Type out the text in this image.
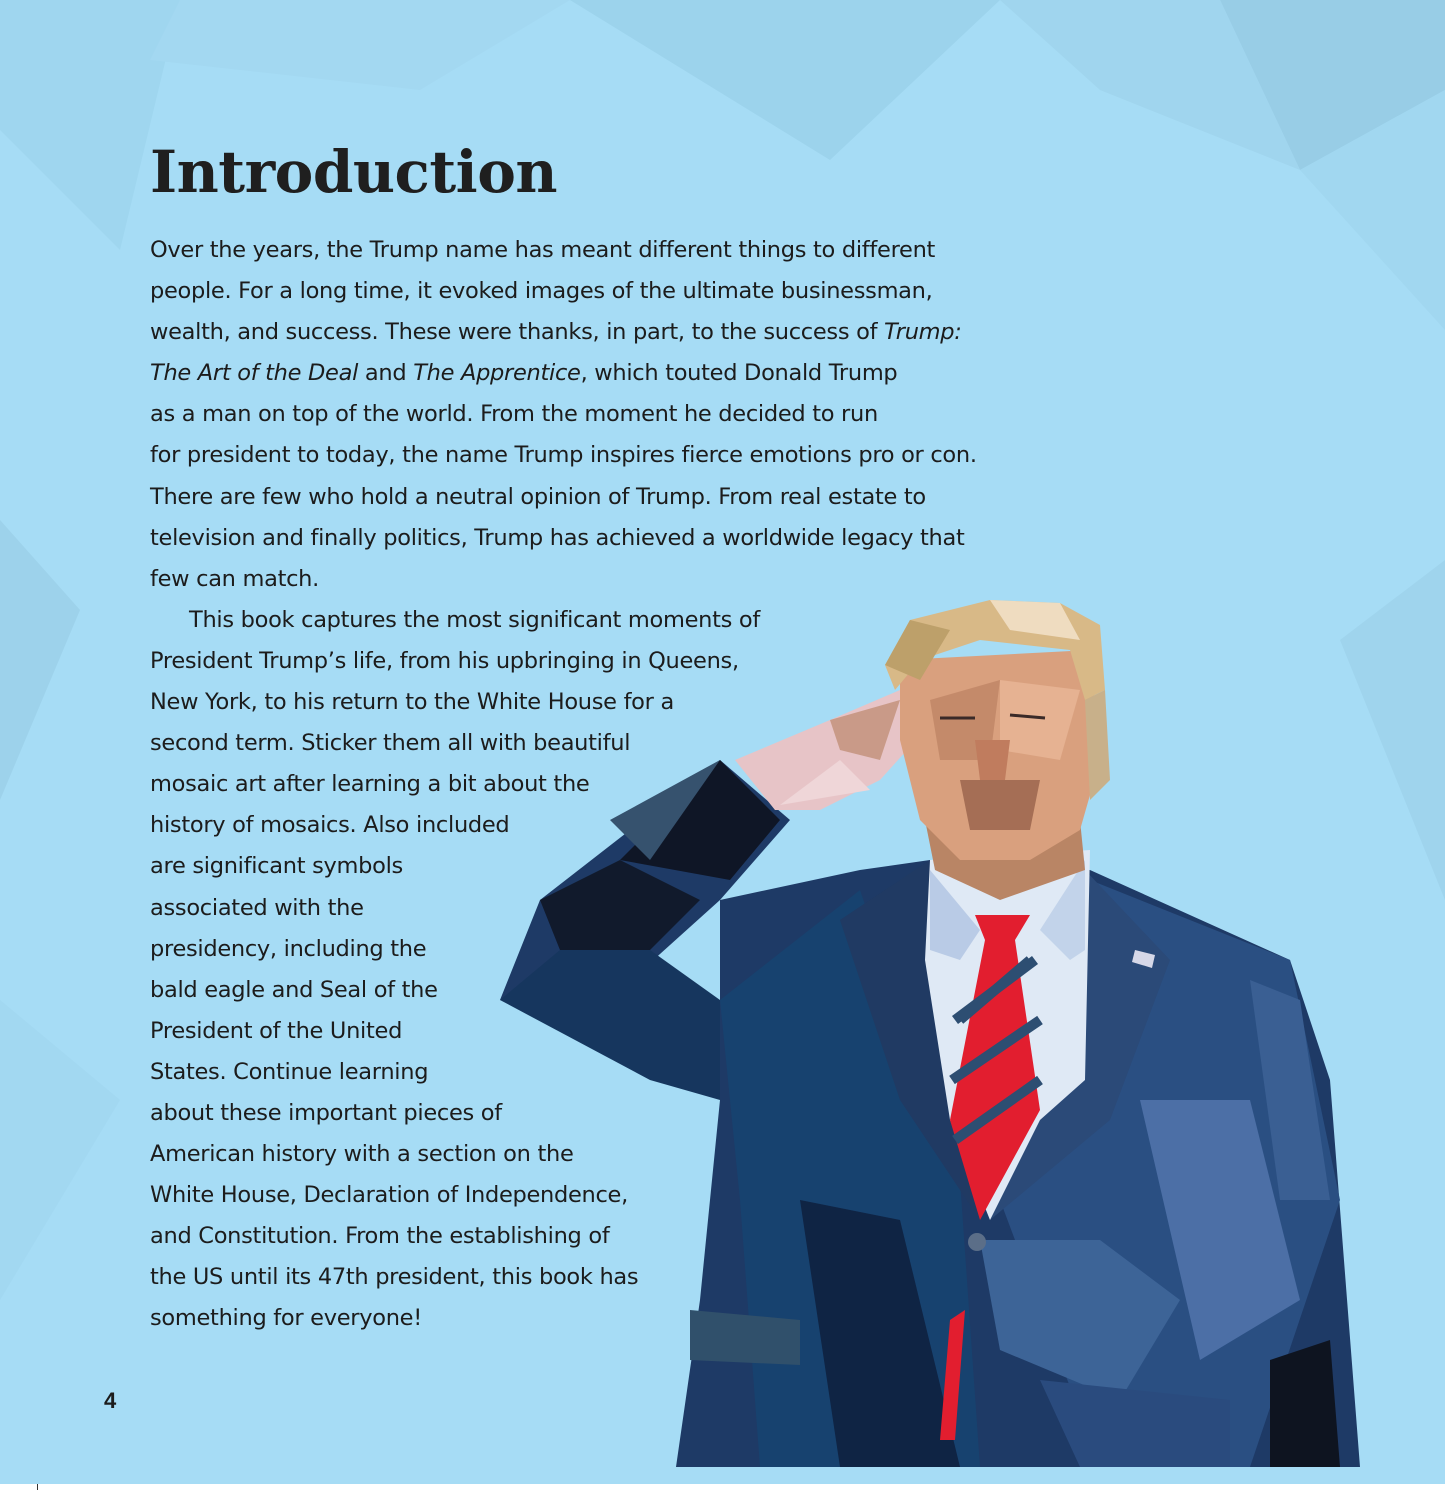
Introduction
Over the years, the Trump name has meant different things to different
people. For a long time, it evoked images of the ultimate businessman,
wealth, and success. These were thanks, in part, to the success of Trump:
The Art of the Deal and The Apprentice, which touted Donald Trump
as a man on top of the world. From the moment he decided to run
for president to today, the name Trump inspires fierce emotions pro or con.
There are few who hold a neutral opinion of Trump. From real estate to
television and finally politics, Trump has achieved a worldwide legacy that
few can match.
This book captures the most significant moments of
President Trump’s life, from his upbringing in Queens,
New York, to his return to the White House for a
second term. Sticker them all with beautiful
mosaic art after learning a bit about the
history of mosaics. Also included
are significant symbols
associated with the
presidency, including the
bald eagle and Seal of the
President of the United
States. Continue learning
about these important pieces of
American history with a section on the
White House, Declaration of Independence,
and Constitution. From the establishing of
the US until its 47th president, this book has
something for everyone!
4
